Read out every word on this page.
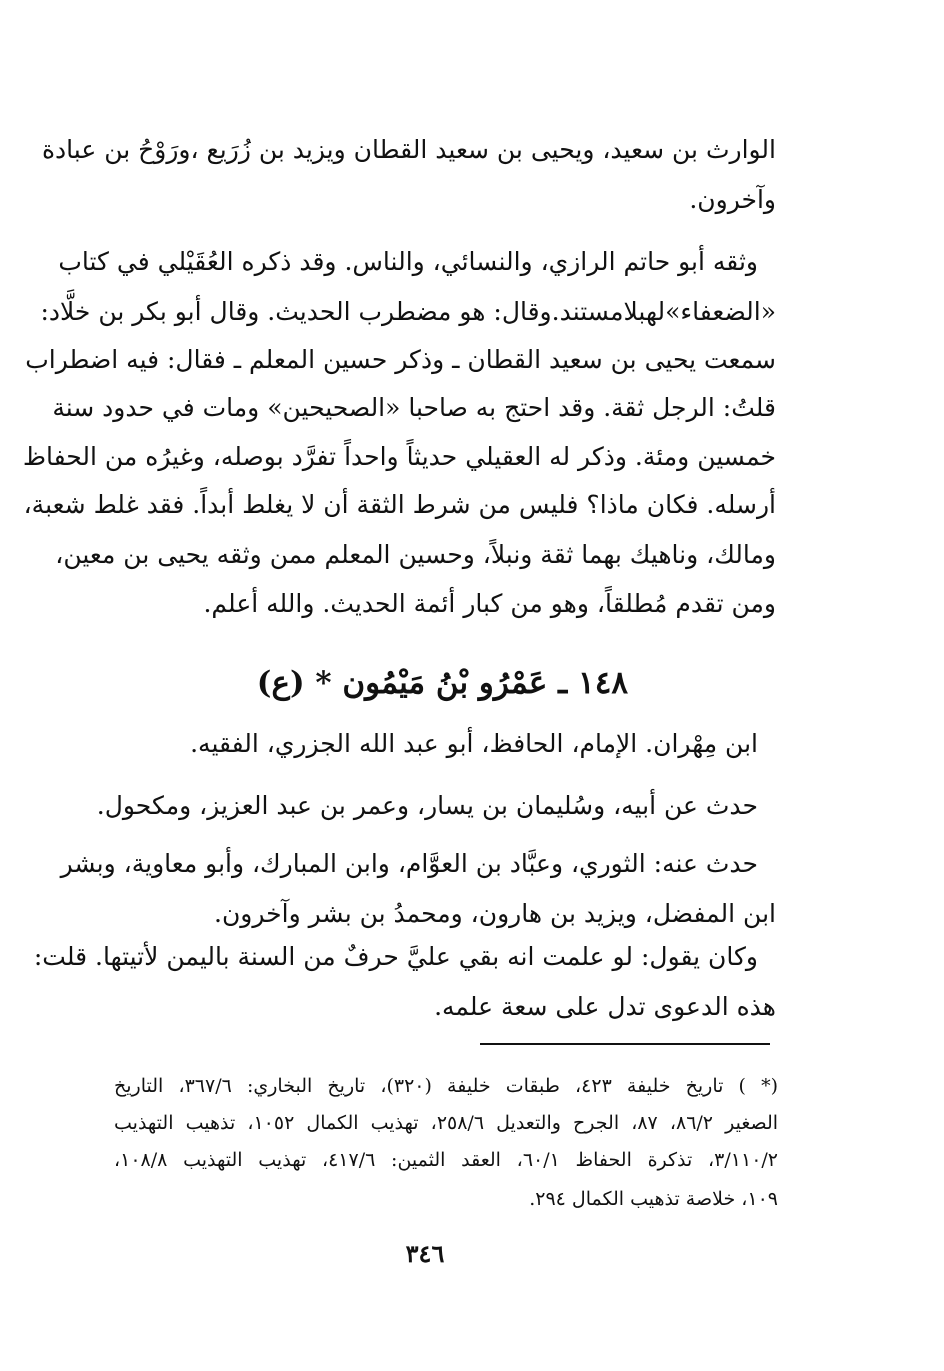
الوارث بن سعيد، ويحيى بن سعيد القطان ويزيد بن زُرَيع ،ورَوْحُ بن عبادة
وآخرون.
وثقه أبو حاتم الرازي، والنسائي، والناس. وقد ذكره العُقَيْلي في كتاب
«الضعفاء»لهبلامستند.وقال: هو مضطرب الحديث. وقال أبو بكر بن خلَّاد:
سمعت يحيى بن سعيد القطان ـ وذكر حسين المعلم ـ فقال: فيه اضطراب
قلتُ: الرجل ثقة. وقد احتج به صاحبا «الصحيحين» ومات في حدود سنة
خمسين ومئة. وذكر له العقيلي حديثاً واحداً تفرَّد بوصله، وغيرُه من الحفاظ
أرسله. فكان ماذا؟ فليس من شرط الثقة أن لا يغلط أبداً. فقد غلط شعبة،
ومالك، وناهيك بهما ثقة ونبلاً، وحسين المعلم ممن وثقه يحيى بن معين،
ومن تقدم مُطلقاً، وهو من كبار أئمة الحديث. والله أعلم.
١٤٨ ـ عَمْرُو بْنُ مَيْمُون * (ع)
ابن مِهْران. الإمام، الحافظ، أبو عبد الله الجزري، الفقيه.
حدث عن أبيه، وسُليمان بن يسار، وعمر بن عبد العزيز، ومكحول.
حدث عنه: الثوري، وعبَّاد بن العوَّام، وابن المبارك، وأبو معاوية، وبشر
ابن المفضل، ويزيد بن هارون، ومحمدُ بن بشر وآخرون.
وكان يقول: لو علمت انه بقي عليَّ حرفٌ من السنة باليمن لأتيتها. قلت:
هذه الدعوى تدل على سعة علمه.
(* ) تاريخ خليفة ٤٢٣، طبقات خليفة (٣٢٠)، تاريخ البخاري: ٣٦٧/٦، التاريخ
الصغير ٨٦/٢، ٨٧، الجرح والتعديل ٢٥٨/٦، تهذيب الكمال ١٠٥٢، تذهيب التهذيب
٣/١١٠/٢، تذكرة الحفاظ ٦٠/١، العقد الثمين: ٤١٧/٦، تهذيب التهذيب ١٠٨/٨،
١٠٩، خلاصة تذهيب الكمال ٢٩٤.
٣٤٦
